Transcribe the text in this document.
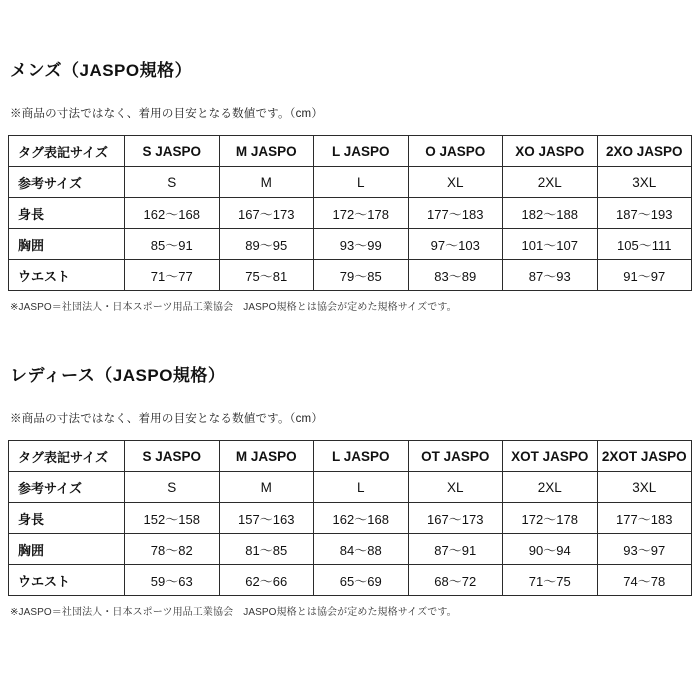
メンズ（JASPO規格）

※商品の寸法ではなく、着用の目安となる数値です。（cm）

タグ表記サイズ	S JASPO	M JASPO	L JASPO	O JASPO	XO JASPO	2XO JASPO
参考サイズ	S	M	L	XL	2XL	3XL
身長	162〜168	167〜173	172〜178	177〜183	182〜188	187〜193
胸囲	85〜91	89〜95	93〜99	97〜103	101〜107	105〜111
ウエスト	71〜77	75〜81	79〜85	83〜89	87〜93	91〜97

※JASPO＝社団法人・日本スポーツ用品工業協会　JASPO規格とは協会が定めた規格サイズです。

レディース（JASPO規格）

※商品の寸法ではなく、着用の目安となる数値です。（cm）

タグ表記サイズ	S JASPO	M JASPO	L JASPO	OT JASPO	XOT JASPO	2XOT JASPO
参考サイズ	S	M	L	XL	2XL	3XL
身長	152〜158	157〜163	162〜168	167〜173	172〜178	177〜183
胸囲	78〜82	81〜85	84〜88	87〜91	90〜94	93〜97
ウエスト	59〜63	62〜66	65〜69	68〜72	71〜75	74〜78

※JASPO＝社団法人・日本スポーツ用品工業協会　JASPO規格とは協会が定めた規格サイズです。
